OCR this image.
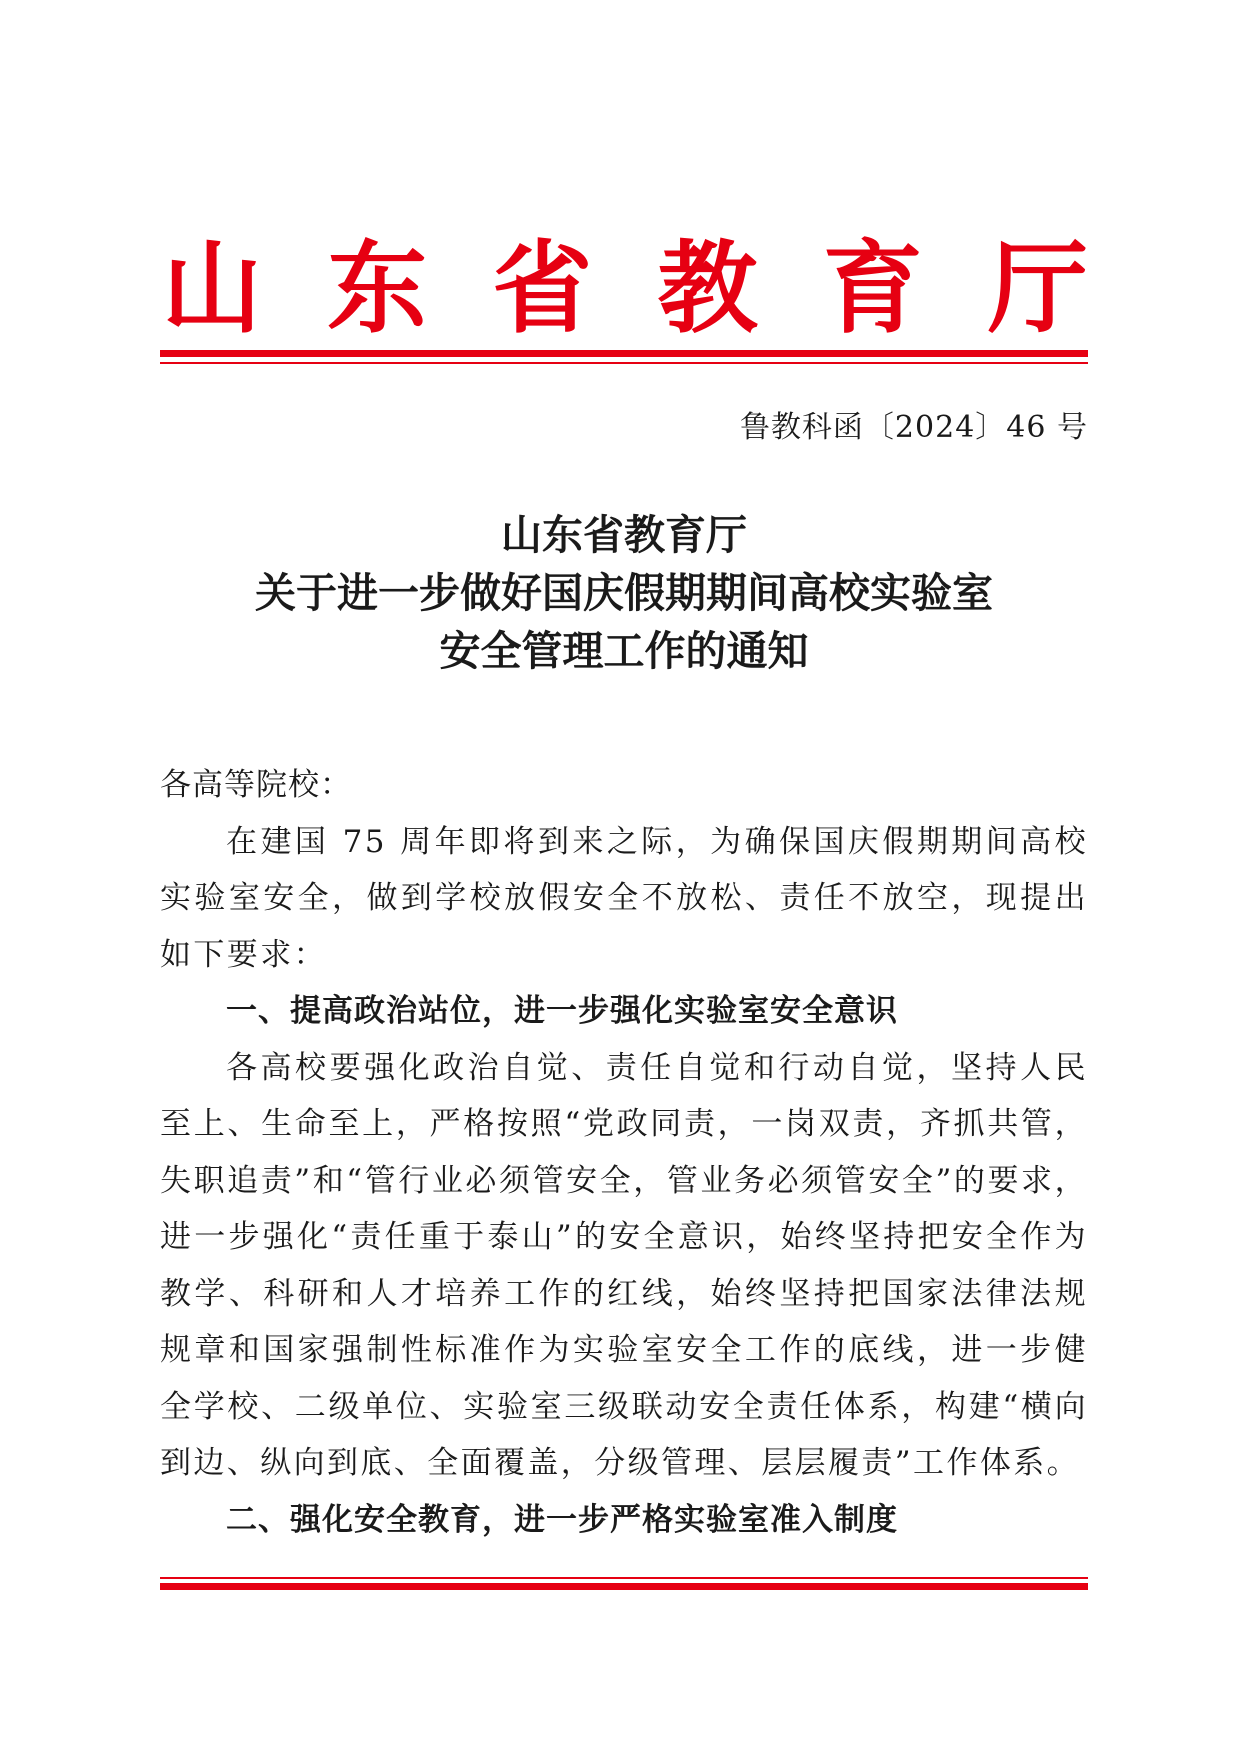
山 东 省 教 育 厅
鲁教科函〔2024〕46 号
山东省教育厅
关于进一步做好国庆假期期间高校实验室
安全管理工作的通知

各高等院校：

在建国 75 周年即将到来之际，为确保国庆假期期间高校实验室安全，做到学校放假安全不放松、责任不放空，现提出如下要求：

一、提高政治站位，进一步强化实验室安全意识

各高校要强化政治自觉、责任自觉和行动自觉，坚持人民至上、生命至上，严格按照“党政同责，一岗双责，齐抓共管，失职追责”和“管行业必须管安全，管业务必须管安全”的要求，进一步强化“责任重于泰山”的安全意识，始终坚持把安全作为教学、科研和人才培养工作的红线，始终坚持把国家法律法规规章和国家强制性标准作为实验室安全工作的底线，进一步健全学校、二级单位、实验室三级联动安全责任体系，构建“横向到边、纵向到底、全面覆盖，分级管理、层层履责”工作体系。

二、强化安全教育，进一步严格实验室准入制度
